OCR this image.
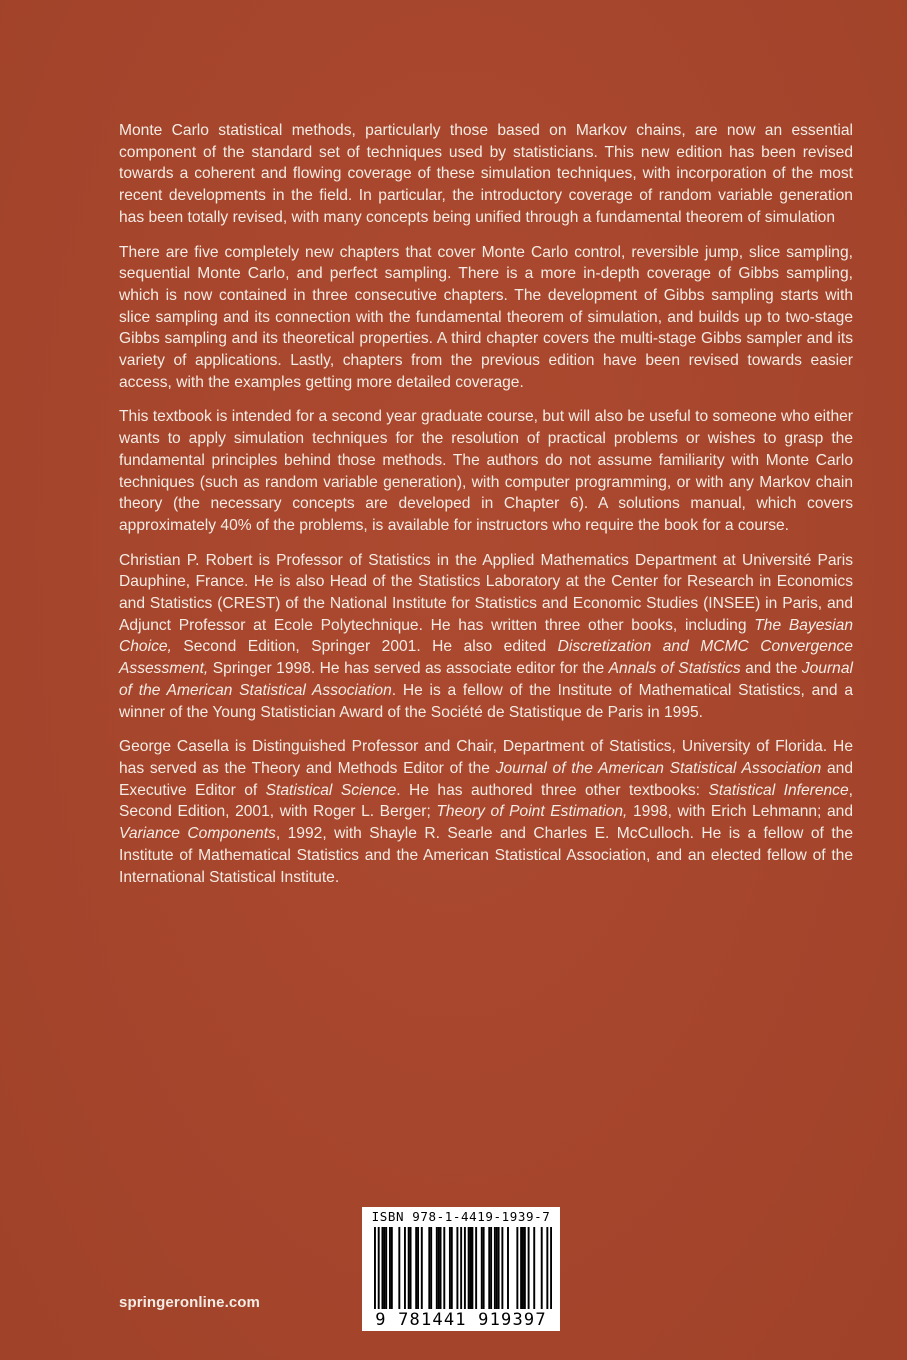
Monte Carlo statistical methods, particularly those based on Markov chains, are now an essential component of the standard set of techniques used by statisticians. This new edition has been revised towards a coherent and flowing coverage of these simulation techniques, with incorporation of the most recent developments in the field. In particular, the introductory coverage of random variable generation has been totally revised, with many concepts being unified through a fundamental theorem of simulation

There are five completely new chapters that cover Monte Carlo control, reversible jump, slice sampling, sequential Monte Carlo, and perfect sampling. There is a more in-depth coverage of Gibbs sampling, which is now contained in three consecutive chapters. The development of Gibbs sampling starts with slice sampling and its connection with the fundamental theorem of simulation, and builds up to two-stage Gibbs sampling and its theoretical properties. A third chapter covers the multi-stage Gibbs sampler and its variety of applications. Lastly, chapters from the previous edition have been revised towards easier access, with the examples getting more detailed coverage.

This textbook is intended for a second year graduate course, but will also be useful to someone who either wants to apply simulation techniques for the resolution of practical problems or wishes to grasp the fundamental principles behind those methods. The authors do not assume familiarity with Monte Carlo techniques (such as random variable generation), with computer programming, or with any Markov chain theory (the necessary concepts are developed in Chapter 6). A solutions manual, which covers approximately 40% of the problems, is available for instructors who require the book for a course.

Christian P. Robert is Professor of Statistics in the Applied Mathematics Department at Université Paris Dauphine, France. He is also Head of the Statistics Laboratory at the Center for Research in Economics and Statistics (CREST) of the National Institute for Statistics and Economic Studies (INSEE) in Paris, and Adjunct Professor at Ecole Polytechnique. He has written three other books, including The Bayesian Choice, Second Edition, Springer 2001. He also edited Discretization and MCMC Convergence Assessment, Springer 1998. He has served as associate editor for the Annals of Statistics and the Journal of the American Statistical Association. He is a fellow of the Institute of Mathematical Statistics, and a winner of the Young Statistician Award of the Société de Statistique de Paris in 1995.

George Casella is Distinguished Professor and Chair, Department of Statistics, University of Florida. He has served as the Theory and Methods Editor of the Journal of the American Statistical Association and Executive Editor of Statistical Science. He has authored three other textbooks: Statistical Inference, Second Edition, 2001, with Roger L. Berger; Theory of Point Estimation, 1998, with Erich Lehmann; and Variance Components, 1992, with Shayle R. Searle and Charles E. McCulloch. He is a fellow of the Institute of Mathematical Statistics and the American Statistical Association, and an elected fellow of the International Statistical Institute.

springeronline.com
ISBN 978-1-4419-1939-7
9 781441 919397
